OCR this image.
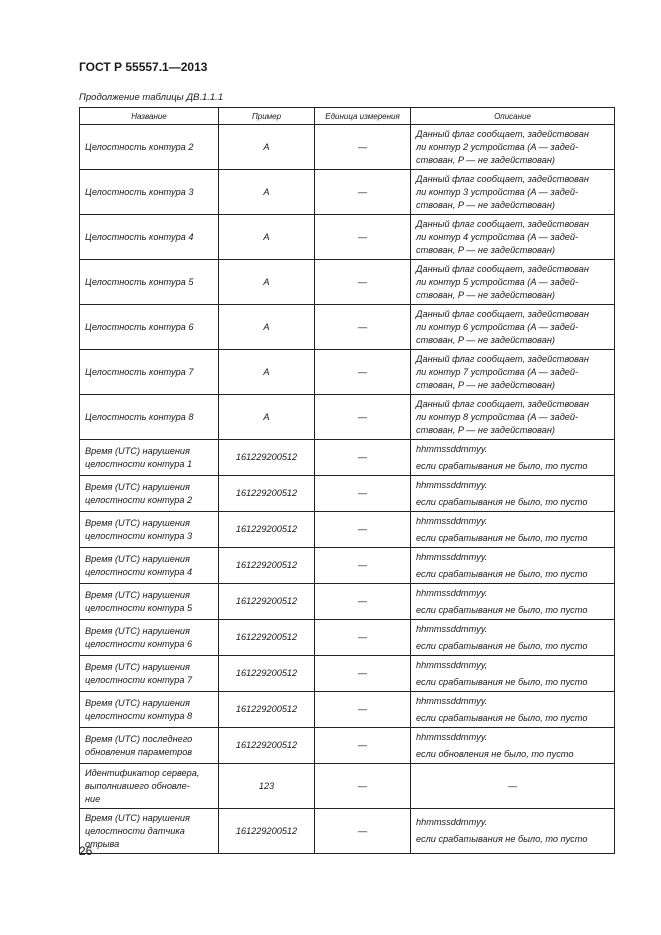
ГОСТ Р 55557.1—2013
Продолжение таблицы ДВ.1.1.1
Название	Пример	Единица измерения	Описание

Целостность контура 2	A	—	Данный флаг сообщает, задействован
ли контур 2 устройства (A — задей-
ствован, P — не задействован)

Целостность контура 3	A	—	Данный флаг сообщает, задействован
ли контур 3 устройства (A — задей-
ствован, P — не задействован)

Целостность контура 4	A	—	Данный флаг сообщает, задействован
ли контур 4 устройства (A — задей-
ствован, P — не задействован)

Целостность контура 5	A	—	Данный флаг сообщает, задействован
ли контур 5 устройства (A — задей-
ствован, P — не задействован)

Целостность контура 6	A	—	Данный флаг сообщает, задействован
ли контур 6 устройства (A — задей-
ствован, P — не задействован)

Целостность контура 7	A	—	Данный флаг сообщает, задействован
ли контур 7 устройства (A — задей-
ствован, P — не задействован)

Целостность контура 8	A	—	Данный флаг сообщает, задействован
ли контур 8 устройства (A — задей-
ствован, P — не задействован)

Время (UTC) нарушения
целостности контура 1	161229200512	—	hhmmssddmmyy.
если срабатывания не было, то пусто

Время (UTC) нарушения
целостности контура 2	161229200512	—	hhmmssddmmyy.
если срабатывания не было, то пусто

Время (UTC) нарушения
целостности контура 3	161229200512	—	hhmmssddmmyy.
если срабатывания не было, то пусто

Время (UTC) нарушения
целостности контура 4	161229200512	—	hhmmssddmmyy.
если срабатывания не было, то пусто

Время (UTC) нарушения
целостности контура 5	161229200512	—	hhmmssddmmyy.
если срабатывания не было, то пусто

Время (UTC) нарушения
целостности контура 6	161229200512	—	hhmmssddmmyy.
если срабатывания не было, то пусто

Время (UTC) нарушения
целостности контура 7	161229200512	—	hhmmssddmmyy,
если срабатывания не было, то пусто

Время (UTC) нарушения
целостности контура 8	161229200512	—	hhmmssddmmyy.
если срабатывания не было, то пусто

Время (UTC) последнего
обновления параметров	161229200512	—	hhmmssddmmyy.
если обновления не было, то пусто

Идентификатор сервера,
выполнившего обновле-
ние	123	—	—

Время (UTC) нарушения
целостности датчика
отрыва	161229200512	—	hhmmssddmmyy.
если срабатывания не было, то пусто
26
